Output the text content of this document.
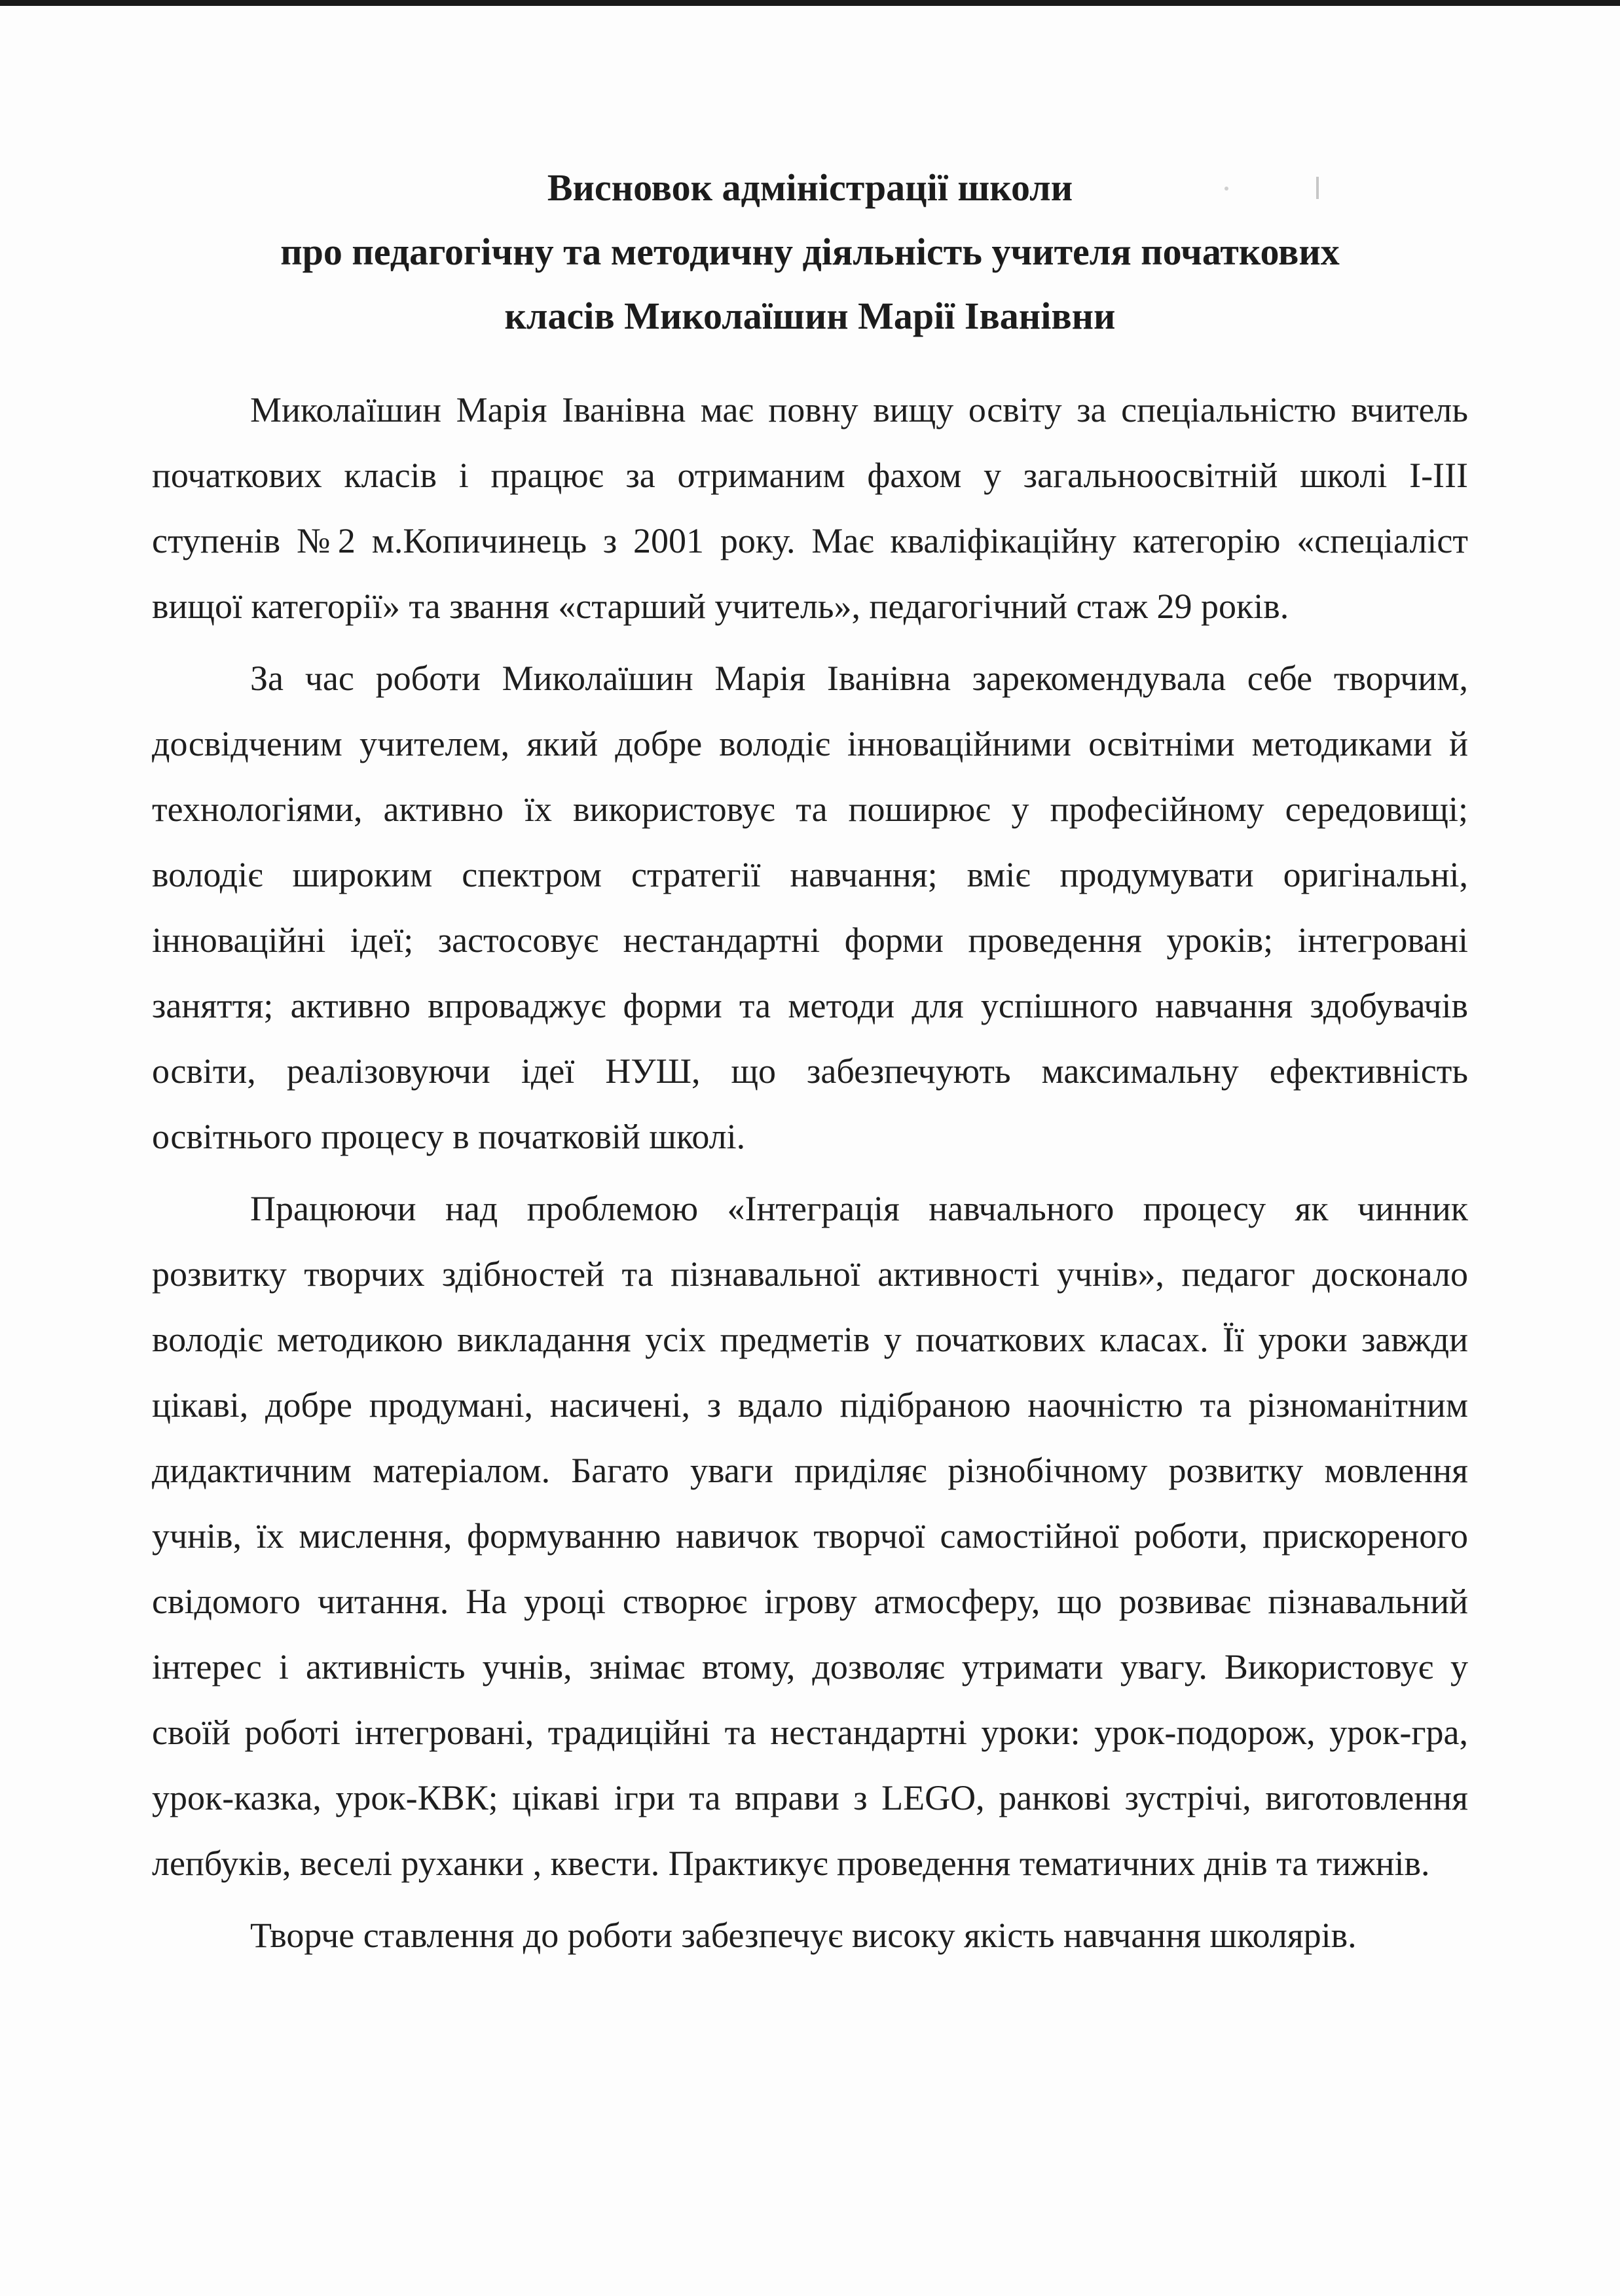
Висновок адміністрації школи
про педагогічну та методичну діяльність учителя початкових
класів Миколаїшин Марії Іванівни

Миколаїшин Марія Іванівна має повну вищу освіту за спеціальністю вчитель початкових класів і працює за отриманим фахом у загальноосвітній школі І-ІІІ ступенів №2 м.Копичинець з 2001 року. Має кваліфікаційну категорію «спеціаліст вищої категорії» та звання «старший учитель», педагогічний стаж 29 років.

За час роботи Миколаїшин Марія Іванівна зарекомендувала себе творчим, досвідченим учителем, який добре володіє інноваційними освітніми методиками й технологіями, активно їх використовує та поширює у професійному середовищі; володіє широким спектром стратегії навчання; вміє продумувати оригінальні, інноваційні ідеї; застосовує нестандартні форми проведення уроків; інтегровані заняття; активно впроваджує форми та методи для успішного навчання здобувачів освіти, реалізовуючи ідеї НУШ, що забезпечують максимальну ефективність освітнього процесу в початковій школі.

Працюючи над проблемою «Інтеграція навчального процесу як чинник розвитку творчих здібностей та пізнавальної активності учнів», педагог досконало володіє методикою викладання усіх предметів у початкових класах. Її уроки завжди цікаві, добре продумані, насичені, з вдало підібраною наочністю та різноманітним дидактичним матеріалом. Багато уваги приділяє різнобічному розвитку мовлення учнів, їх мислення, формуванню навичок творчої самостійної роботи, прискореного свідомого читання. На уроці створює ігрову атмосферу, що розвиває пізнавальний інтерес і активність учнів, знімає втому, дозволяє утримати увагу. Використовує у своїй роботі інтегровані, традиційні та нестандартні уроки: урок-подорож, урок-гра, урок-казка, урок-КВК; цікаві ігри та вправи з LEGO, ранкові зустрічі, виготовлення лепбуків, веселі руханки , квести. Практикує проведення тематичних днів та тижнів.

Творче ставлення до роботи забезпечує високу якість навчання школярів.
